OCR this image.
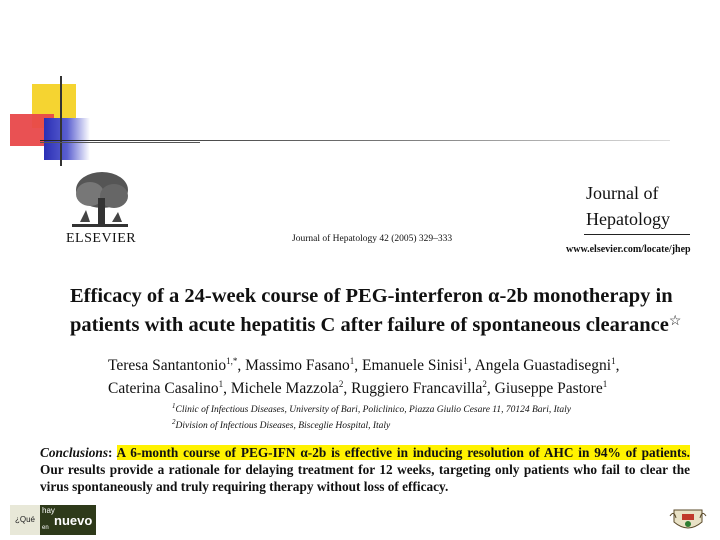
ELSEVIER	Journal of Hepatology 42 (2005) 329–333
Journal of
Hepatology
www.elsevier.com/locate/jhep
Efficacy of a 24-week course of PEG-interferon α-2b monotherapy in
patients with acute hepatitis C after failure of spontaneous clearance☆
Teresa Santantonio$^{1,*}$, Massimo Fasano$^1$, Emanuele Sinisi$^1$, Angela Guastadisegni$^1$,
Caterina Casalino$^1$, Michele Mazzola$^2$, Ruggiero Francavilla$^2$, Giuseppe Pastore$^1$
$^1$Clinic of Infectious Diseases, University of Bari, Policlinico, Piazza Giulio Cesare 11, 70124 Bari, Italy
$^2$Division of Infectious Diseases, Bisceglie Hospital, Italy
Conclusions: A 6-month course of PEG-IFN α-2b is effective in inducing resolution of AHC in 94% of patients. Our results provide a rationale for delaying treatment for 12 weeks, targeting only patients who fail to clear the virus spontaneously and truly requiring therapy without loss of efficacy.
¿Qué
hay
nuevo
en
